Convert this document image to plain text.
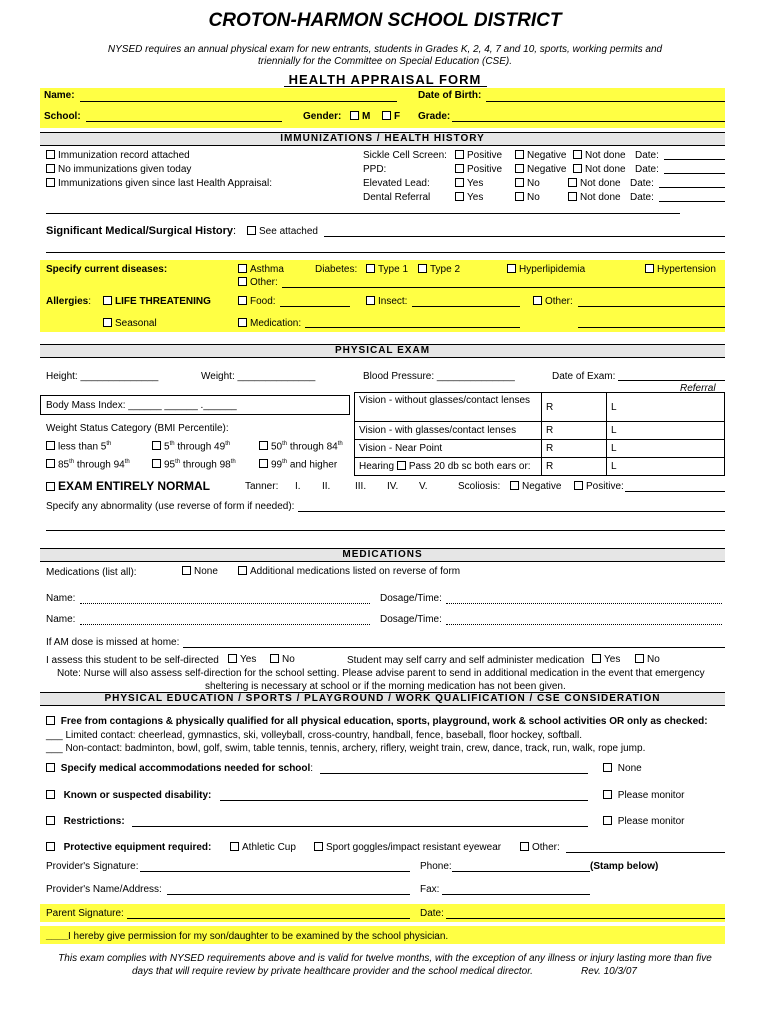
CROTON-HARMON SCHOOL DISTRICT
NYSED requires an annual physical exam for new entrants, students in Grades K, 2, 4, 7 and 10, sports, working permits and
triennially for the Committee on Special Education (CSE).
HEALTH APPRAISAL FORM
Name:	Date of Birth:
School:	Gender:	M	F Grade:
IMMUNIZATIONS / HEALTH HISTORY
Immunization record attached
No immunizations given today
Immunizations given since last Health Appraisal:
Sickle Cell Screen:	Positive	Negative	Not done Date:
PPD:	Positive	Negative	Not done Date:
Elevated Lead:	Yes	No	Not done Date:
Dental Referral	Yes	No	Not done Date:
Significant Medical/Surgical History:	See attached
Specify current diseases:	Asthma	Diabetes:	Type 1	Type 2	Hyperlipidemia	Hypertension
Other:
Allergies:	LIFE THREATENING	Food:	Insect:	Other:
Seasonal	Medication:
PHYSICAL EXAM
Height: ______________	Weight: ______________	Blood Pressure: ______________	Date of Exam:
Referral
Body Mass Index: ______ ______ .______
Weight Status Category (BMI Percentile):
less than 5th	5th through 49th	50th through 84th
85th through 94th	95th through 98th	99th and higher
Vision - without glasses/contact lenses	R	L
Vision - with glasses/contact lenses	R	L
Vision - Near Point	R	L
Hearing Pass 20 db sc both ears or:	R	L
EXAM ENTIRELY NORMAL	Tanner: I. II. III. IV. V.	Scoliosis:	Negative	Positive:
Specify any abnormality (use reverse of form if needed):
MEDICATIONS
Medications (list all):	None	Additional medications listed on reverse of form
Name:	Dosage/Time:
Name:	Dosage/Time:
If AM dose is missed at home:
I assess this student to be self-directed	Yes	No	Student may self carry and self administer medication	Yes	No
Note: Nurse will also assess self-direction for the school setting. Please advise parent to send in additional medication in the event that emergency
sheltering is necessary at school or if the morning medication has not been given.
PHYSICAL EDUCATION / SPORTS / PLAYGROUND / WORK QUALIFICATION / CSE CONSIDERATION
Free from contagions & physically qualified for all physical education, sports, playground, work & school activities OR only as checked:
___ Limited contact: cheerlead, gymnastics, ski, volleyball, cross-country, handball, fence, baseball, floor hockey, softball.
___ Non-contact: badminton, bowl, golf, swim, table tennis, tennis, archery, riflery, weight train, crew, dance, track, run, walk, rope jump.
Specify medical accommodations needed for school:	None
Known or suspected disability:	Please monitor
Restrictions:	Please monitor
Protective equipment required:	Athletic Cup	Sport goggles/impact resistant eyewear	Other:
Provider's Signature:	Phone:	(Stamp below)
Provider's Name/Address:	Fax:
Parent Signature:	Date:
____ I hereby give permission for my son/daughter to be examined by the school physician.
This exam complies with NYSED requirements above and is valid for twelve months, with the exception of any illness or injury lasting more than five
days that will require review by private healthcare provider and the school medical director.	Rev. 10/3/07
